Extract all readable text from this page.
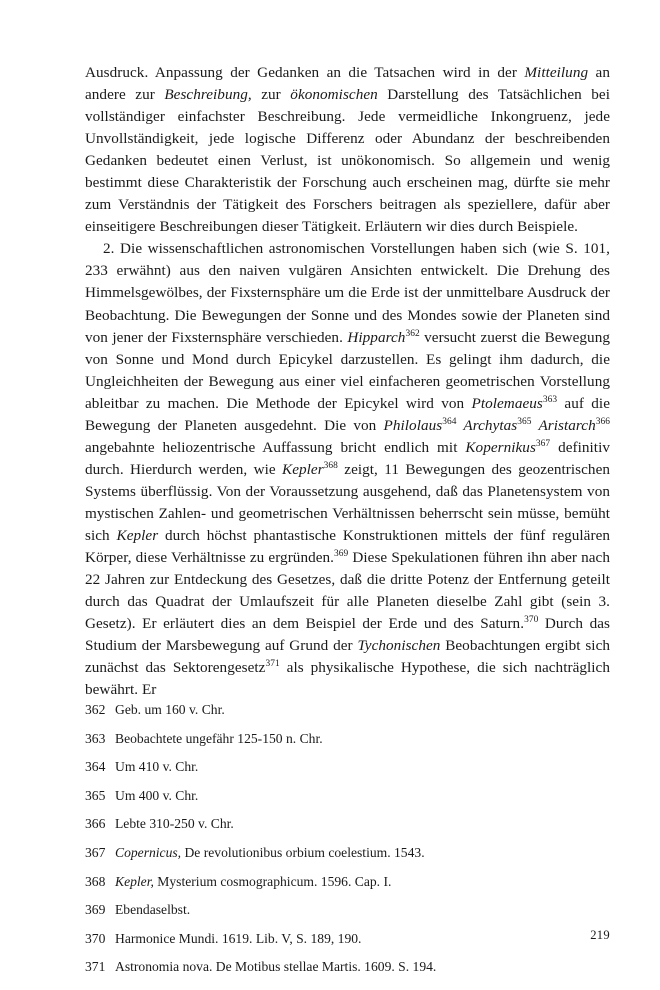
Ausdruck. Anpassung der Gedanken an die Tatsachen wird in der Mitteilung an andere zur Beschreibung, zur ökonomischen Darstellung des Tatsächlichen bei vollständiger einfachster Beschreibung. Jede vermeidliche Inkongruenz, jede Unvollständigkeit, jede logische Differenz oder Abundanz der beschreibenden Gedanken bedeutet einen Verlust, ist unökonomisch. So allgemein und wenig bestimmt diese Charakteristik der Forschung auch erscheinen mag, dürfte sie mehr zum Verständnis der Tätigkeit des Forschers beitragen als speziellere, dafür aber einseitigere Beschreibungen dieser Tätigkeit. Erläutern wir dies durch Beispiele.

2. Die wissenschaftlichen astronomischen Vorstellungen haben sich (wie S. 101, 233 erwähnt) aus den naiven vulgären Ansichten entwickelt. Die Drehung des Himmelsgewölbes, der Fixsternsphäre um die Erde ist der unmittelbare Ausdruck der Beobachtung. Die Bewegungen der Sonne und des Mondes sowie der Planeten sind von jener der Fixsternsphäre verschieden. Hipparch$^{362}$ versucht zuerst die Bewegung von Sonne und Mond durch Epicykel darzustellen. Es gelingt ihm dadurch, die Ungleichheiten der Bewegung aus einer viel einfacheren geometrischen Vorstellung ableitbar zu machen. Die Methode der Epicykel wird von Ptolemaeus$^{363}$ auf die Bewegung der Planeten ausgedehnt. Die von Philolaus$^{364}$ Archytas$^{365}$ Aristarch$^{366}$ angebahnte heliozentrische Auffassung bricht endlich mit Kopernikus$^{367}$ definitiv durch. Hierdurch werden, wie Kepler$^{368}$ zeigt, 11 Bewegungen des geozentrischen Systems überflüssig. Von der Voraussetzung ausgehend, daß das Planetensystem von mystischen Zahlen- und geometrischen Verhältnissen beherrscht sein müsse, bemüht sich Kepler durch höchst phantastische Konstruktionen mittels der fünf regulären Körper, diese Verhältnisse zu ergründen.$^{369}$ Diese Spekulationen führen ihn aber nach 22 Jahren zur Entdeckung des Gesetzes, daß die dritte Potenz der Entfernung geteilt durch das Quadrat der Umlaufszeit für alle Planeten dieselbe Zahl gibt (sein 3. Gesetz). Er erläutert dies an dem Beispiel der Erde und des Saturn.$^{370}$ Durch das Studium der Marsbewegung auf Grund der Tychonischen Beobachtungen ergibt sich zunächst das Sektorengesetz$^{371}$ als physikalische Hypothese, die sich nachträglich bewährt. Er

362 Geb. um 160 v. Chr.
363 Beobachtete ungefähr 125-150 n. Chr.
364 Um 410 v. Chr.
365 Um 400 v. Chr.
366 Lebte 310-250 v. Chr.
367 Copernicus, De revolutionibus orbium coelestium. 1543.
368 Kepler, Mysterium cosmographicum. 1596. Cap. I.
369 Ebendaselbst.
370 Harmonice Mundi. 1619. Lib. V, S. 189, 190.
371 Astronomia nova. De Motibus stellae Martis. 1609. S. 194.
219
